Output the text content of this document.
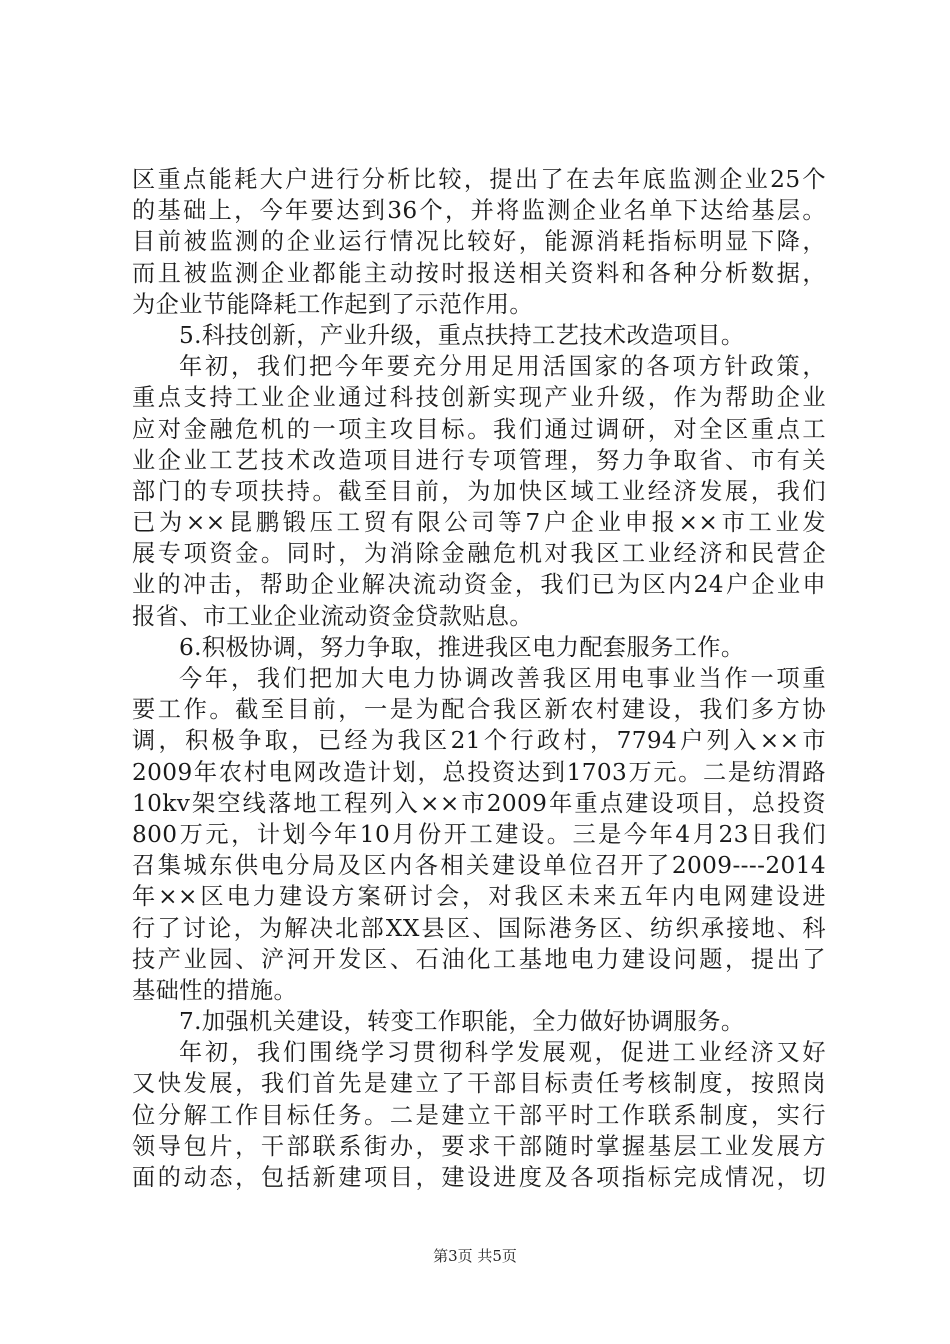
区重点能耗大户进行分析比较，提出了在去年底监测企业25个
的基础上，今年要达到36个，并将监测企业名单下达给基层。
目前被监测的企业运行情况比较好，能源消耗指标明显下降，
而且被监测企业都能主动按时报送相关资料和各种分析数据，
为企业节能降耗工作起到了示范作用。
5.科技创新，产业升级，重点扶持工艺技术改造项目。
年初，我们把今年要充分用足用活国家的各项方针政策，
重点支持工业企业通过科技创新实现产业升级，作为帮助企业
应对金融危机的一项主攻目标。我们通过调研，对全区重点工
业企业工艺技术改造项目进行专项管理，努力争取省、市有关
部门的专项扶持。截至目前，为加快区域工业经济发展，我们
已为××昆鹏锻压工贸有限公司等7户企业申报××市工业发
展专项资金。同时，为消除金融危机对我区工业经济和民营企
业的冲击，帮助企业解决流动资金，我们已为区内24户企业申
报省、市工业企业流动资金贷款贴息。
6.积极协调，努力争取，推进我区电力配套服务工作。
今年，我们把加大电力协调改善我区用电事业当作一项重
要工作。截至目前，一是为配合我区新农村建设，我们多方协
调，积极争取，已经为我区21个行政村，7794户列入××市
2009年农村电网改造计划，总投资达到1703万元。二是纺渭路
10kv架空线落地工程列入××市2009年重点建设项目，总投资
800万元，计划今年10月份开工建设。三是今年4月23日我们
召集城东供电分局及区内各相关建设单位召开了2009----2014
年××区电力建设方案研讨会，对我区未来五年内电网建设进
行了讨论，为解决北部XX县区、国际港务区、纺织承接地、科
技产业园、浐河开发区、石油化工基地电力建设问题，提出了
基础性的措施。
7.加强机关建设，转变工作职能，全力做好协调服务。
年初，我们围绕学习贯彻科学发展观，促进工业经济又好
又快发展，我们首先是建立了干部目标责任考核制度，按照岗
位分解工作目标任务。二是建立干部平时工作联系制度，实行
领导包片，干部联系街办，要求干部随时掌握基层工业发展方
面的动态，包括新建项目，建设进度及各项指标完成情况，切
第3页 共5页
